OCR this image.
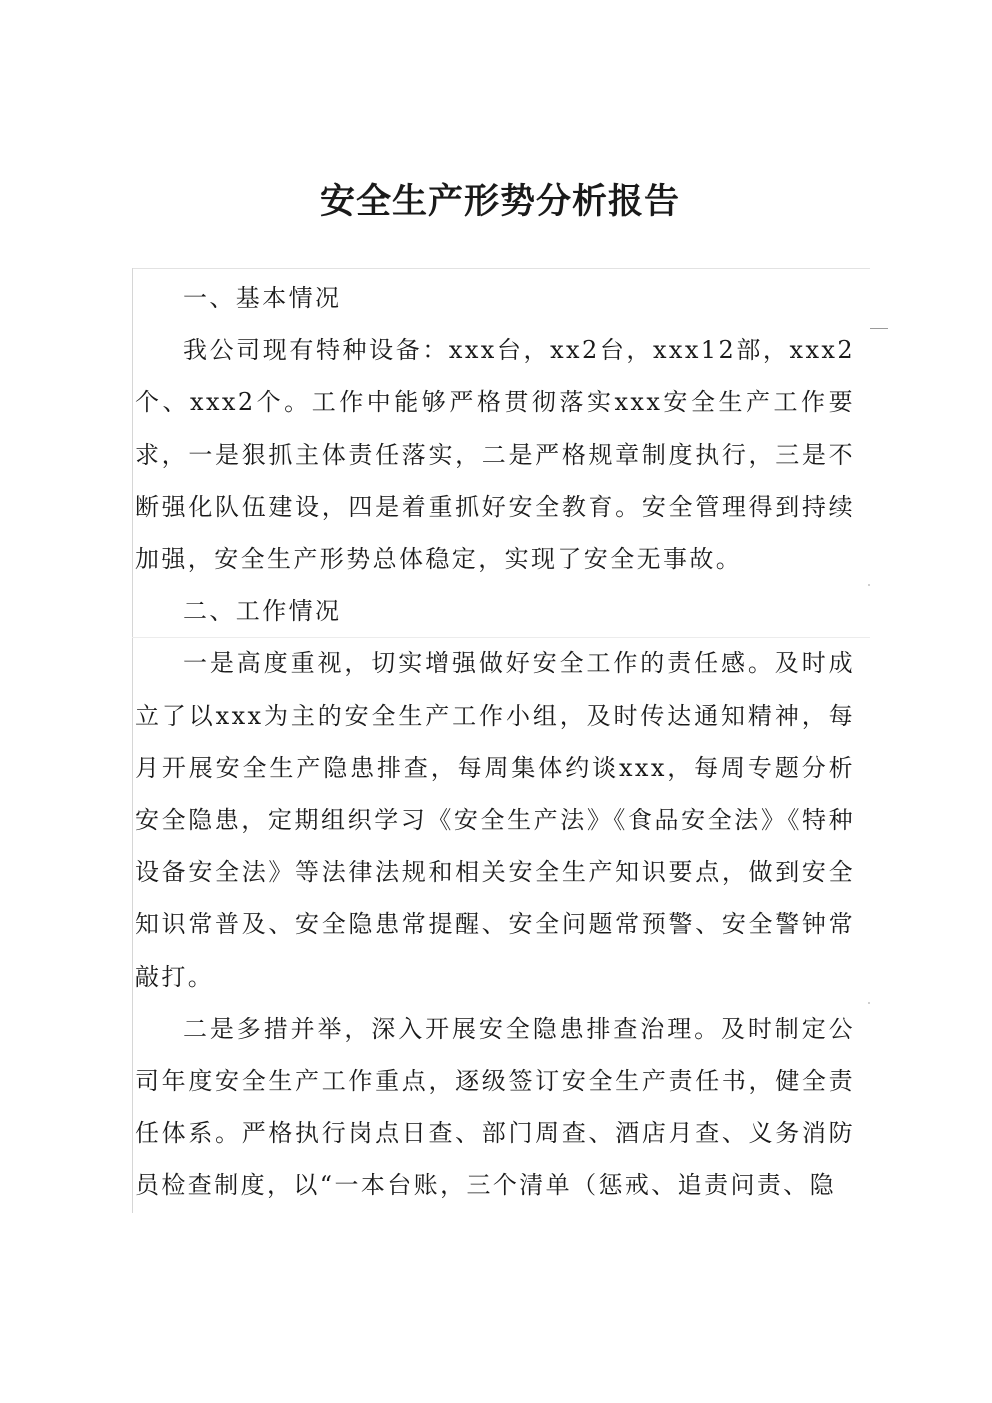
安全生产形势分析报告

一、基本情况

我公司现有特种设备：xxx台，xx2台，xxx12部，xxx2个、xxx2个。工作中能够严格贯彻落实xxx安全生产工作要求，一是狠抓主体责任落实，二是严格规章制度执行，三是不断强化队伍建设，四是着重抓好安全教育。安全管理得到持续加强，安全生产形势总体稳定，实现了安全无事故。

二、工作情况

一是高度重视，切实增强做好安全工作的责任感。及时成立了以xxx为主的安全生产工作小组，及时传达通知精神，每月开展安全生产隐患排查，每周集体约谈xxx，每周专题分析安全隐患，定期组织学习《安全生产法》《食品安全法》《特种设备安全法》等法律法规和相关安全生产知识要点，做到安全知识常普及、安全隐患常提醒、安全问题常预警、安全警钟常敲打。

二是多措并举，深入开展安全隐患排查治理。及时制定公司年度安全生产工作重点，逐级签订安全生产责任书，健全责任体系。严格执行岗点日查、部门周查、酒店月查、义务消防员检查制度，以“一本台账，三个清单（惩戒、追责问责、隐
